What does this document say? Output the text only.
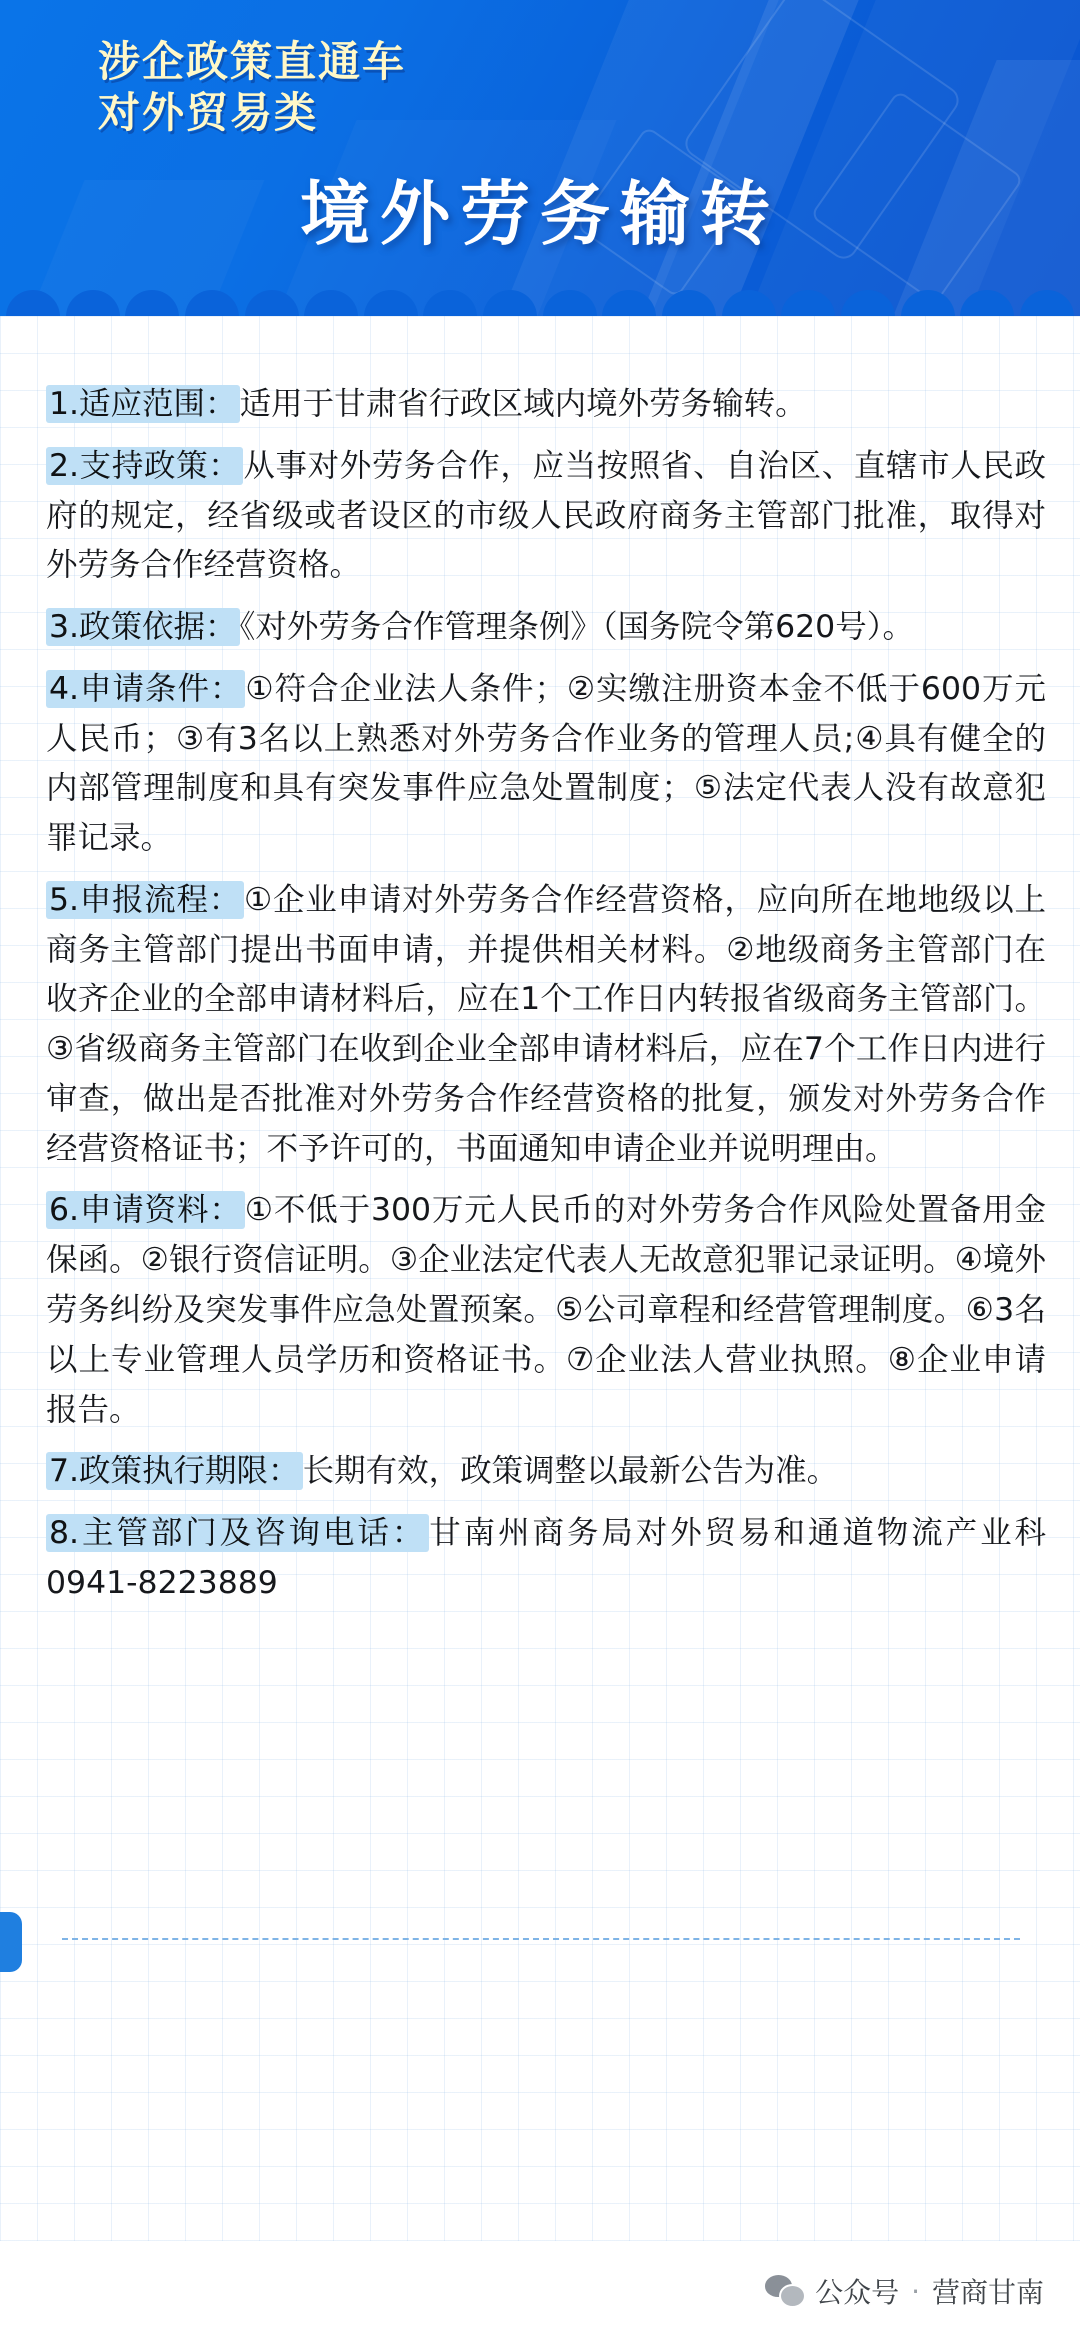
涉企政策直通车
对外贸易类
境外劳务输转

1.适应范围：适用于甘肃省行政区域内境外劳务输转。

2.支持政策：从事对外劳务合作，应当按照省、自治区、直辖市人民政府的规定，经省级或者设区的市级人民政府商务主管部门批准，取得对外劳务合作经营资格。

3.政策依据：《对外劳务合作管理条例》（国务院令第620号）。

4.申请条件：①符合企业法人条件；②实缴注册资本金不低于600万元人民币；③有3名以上熟悉对外劳务合作业务的管理人员;④具有健全的内部管理制度和具有突发事件应急处置制度；⑤法定代表人没有故意犯罪记录。

5.申报流程：①企业申请对外劳务合作经营资格，应向所在地地级以上商务主管部门提出书面申请，并提供相关材料。②地级商务主管部门在收齐企业的全部申请材料后，应在1个工作日内转报省级商务主管部门。③省级商务主管部门在收到企业全部申请材料后，应在7个工作日内进行审查，做出是否批准对外劳务合作经营资格的批复，颁发对外劳务合作经营资格证书；不予许可的，书面通知申请企业并说明理由。

6.申请资料：①不低于300万元人民币的对外劳务合作风险处置备用金保函。②银行资信证明。③企业法定代表人无故意犯罪记录证明。④境外劳务纠纷及突发事件应急处置预案。⑤公司章程和经营管理制度。⑥3名以上专业管理人员学历和资格证书。⑦企业法人营业执照。⑧企业申请报告。

7.政策执行期限：长期有效，政策调整以最新公告为准。

8.主管部门及咨询电话：甘南州商务局对外贸易和通道物流产业科0941-8223889

公众号 · 营商甘南
